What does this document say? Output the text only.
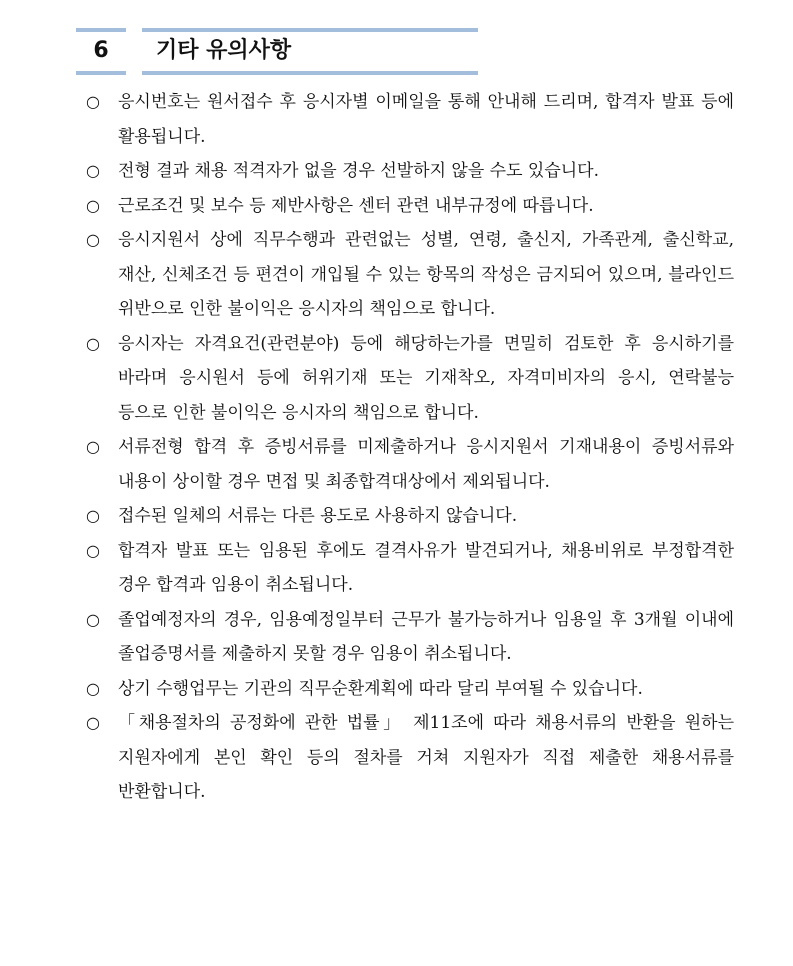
6	기타 유의사항
○ 응시번호는 원서접수 후 응시자별 이메일을 통해 안내해 드리며, 합격자 발표 등에 활용됩니다.
○ 전형 결과 채용 적격자가 없을 경우 선발하지 않을 수도 있습니다.
○ 근로조건 및 보수 등 제반사항은 센터 관련 내부규정에 따릅니다.
○ 응시지원서 상에 직무수행과 관련없는 성별, 연령, 출신지, 가족관계, 출신학교, 재산, 신체조건 등 편견이 개입될 수 있는 항목의 작성은 금지되어 있으며, 블라인드 위반으로 인한 불이익은 응시자의 책임으로 합니다.
○ 응시자는 자격요건(관련분야) 등에 해당하는가를 면밀히 검토한 후 응시하기를 바라며 응시원서 등에 허위기재 또는 기재착오, 자격미비자의 응시, 연락불능 등으로 인한 불이익은 응시자의 책임으로 합니다.
○ 서류전형 합격 후 증빙서류를 미제출하거나 응시지원서 기재내용이 증빙서류와 내용이 상이할 경우 면접 및 최종합격대상에서 제외됩니다.
○ 접수된 일체의 서류는 다른 용도로 사용하지 않습니다.
○ 합격자 발표 또는 임용된 후에도 결격사유가 발견되거나, 채용비위로 부정합격한 경우 합격과 임용이 취소됩니다.
○ 졸업예정자의 경우, 임용예정일부터 근무가 불가능하거나 임용일 후 3개월 이내에 졸업증명서를 제출하지 못할 경우 임용이 취소됩니다.
○ 상기 수행업무는 기관의 직무순환계획에 따라 달리 부여될 수 있습니다.
○ 「채용절차의 공정화에 관한 법률」 제11조에 따라 채용서류의 반환을 원하는 지원자에게 본인 확인 등의 절차를 거쳐 지원자가 직접 제출한 채용서류를 반환합니다.
